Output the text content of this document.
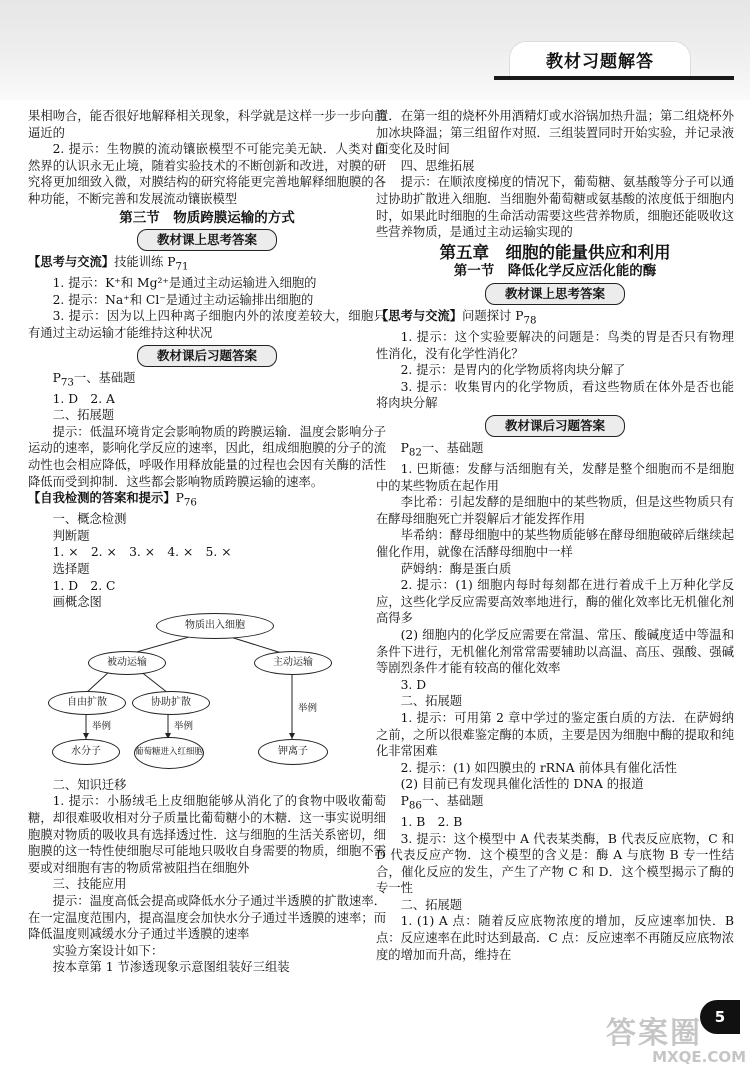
教材习题解答

果相吻合，能否很好地解释相关现象，科学就是这样一步一步向前逼近的

2. 提示：生物膜的流动镶嵌模型不可能完美无缺．人类对自然界的认识永无止境，随着实验技术的不断创新和改进，对膜的研究将更加细致入微，对膜结构的研究将能更完善地解释细胞膜的各种功能，不断完善和发展流动镶嵌模型

第三节　物质跨膜运输的方式
教材课上思考答案

【思考与交流】技能训练 $P_{71}$

1. 提示：K⁺和 Mg²⁺是通过主动运输进入细胞的

2. 提示：Na⁺和 Cl⁻是通过主动运输排出细胞的

3. 提示：因为以上四种离子细胞内外的浓度差较大，细胞只有通过主动运输才能维持这种状况

教材课后习题答案

$P_{73}$一、基础题

1. D　2. A

二、拓展题

提示：低温环境肯定会影响物质的跨膜运输．温度会影响分子运动的速率，影响化学反应的速率，因此，组成细胞膜的分子的流动性也会相应降低，呼吸作用释放能量的过程也会因有关酶的活性降低而受到抑制．这些都会影响物质跨膜运输的速率。

【自我检测的答案和提示】$P_{76}$

一、概念检测

判断题

1. ×　2. ×　3. ×　4. ×　5. ×

选择题

1. D　2. C

画概念图

物质出入细胞
被动运输	主动运输
自由扩散	协助扩散
水分子	葡萄糖进入红细胞	钾离子
举例	举例
举例

二、知识迁移

1. 提示：小肠绒毛上皮细胞能够从消化了的食物中吸收葡萄糖，却很难吸收相对分子质量比葡萄糖小的木糖．这一事实说明细胞膜对物质的吸收具有选择透过性．这与细胞的生活关系密切，细胞膜的这一特性使细胞尽可能地只吸收自身需要的物质，细胞不需要或对细胞有害的物质常被阻挡在细胞外

三、技能应用

提示：温度高低会提高或降低水分子通过半透膜的扩散速率．在一定温度范围内，提高温度会加快水分子通过半透膜的速率；而降低温度则减缓水分子通过半透膜的速率

实验方案设计如下：

按本章第 1 节渗透现象示意图组装好三组装

置．在第一组的烧杯外用酒精灯或水浴锅加热升温；第二组烧杯外加冰块降温；第三组留作对照．三组装置同时开始实验，并记录液面变化及时间

四、思维拓展

提示：在顺浓度梯度的情况下，葡萄糖、氨基酸等分子可以通过协助扩散进入细胞．当细胞外葡萄糖或氨基酸的浓度低于细胞内时，如果此时细胞的生命活动需要这些营养物质，细胞还能吸收这些营养物质，是通过主动运输实现的

第五章　细胞的能量供应和利用
第一节　降低化学反应活化能的酶
教材课上思考答案

【思考与交流】问题探讨 $P_{78}$

1. 提示：这个实验要解决的问题是：鸟类的胃是否只有物理性消化，没有化学性消化？

2. 提示：是胃内的化学物质将肉块分解了

3. 提示：收集胃内的化学物质，看这些物质在体外是否也能将肉块分解

教材课后习题答案

$P_{82}$一、基础题

1. 巴斯德：发酵与活细胞有关，发酵是整个细胞而不是细胞中的某些物质在起作用

李比希：引起发酵的是细胞中的某些物质，但是这些物质只有在酵母细胞死亡并裂解后才能发挥作用

毕希纳：酵母细胞中的某些物质能够在酵母细胞破碎后继续起催化作用，就像在活酵母细胞中一样

萨姆纳：酶是蛋白质

2. 提示：(1) 细胞内每时每刻都在进行着成千上万种化学反应，这些化学反应需要高效率地进行，酶的催化效率比无机催化剂高得多

(2) 细胞内的化学反应需要在常温、常压、酸碱度适中等温和条件下进行，无机催化剂常常需要辅助以高温、高压、强酸、强碱等剧烈条件才能有较高的催化效率

3. D

二、拓展题

1. 提示：可用第 2 章中学过的鉴定蛋白质的方法．在萨姆纳之前，之所以很难鉴定酶的本质，主要是因为细胞中酶的提取和纯化非常困难

2. 提示：(1) 如四膜虫的 rRNA 前体具有催化活性

(2) 目前已有发现具催化活性的 DNA 的报道

$P_{86}$一、基础题

1. B　2. B

3. 提示：这个模型中 A 代表某类酶，B 代表反应底物，C 和 D 代表反应产物．这个模型的含义是：酶 A 与底物 B 专一性结合，催化反应的发生，产生了产物 C 和 D．这个模型揭示了酶的专一性

二、拓展题

1. (1) A 点：随着反应底物浓度的增加，反应速率加快．B 点：反应速率在此时达到最高．C 点：反应速率不再随反应底物浓度的增加而升高，维持在

5
答案圈
MXQE.COM
